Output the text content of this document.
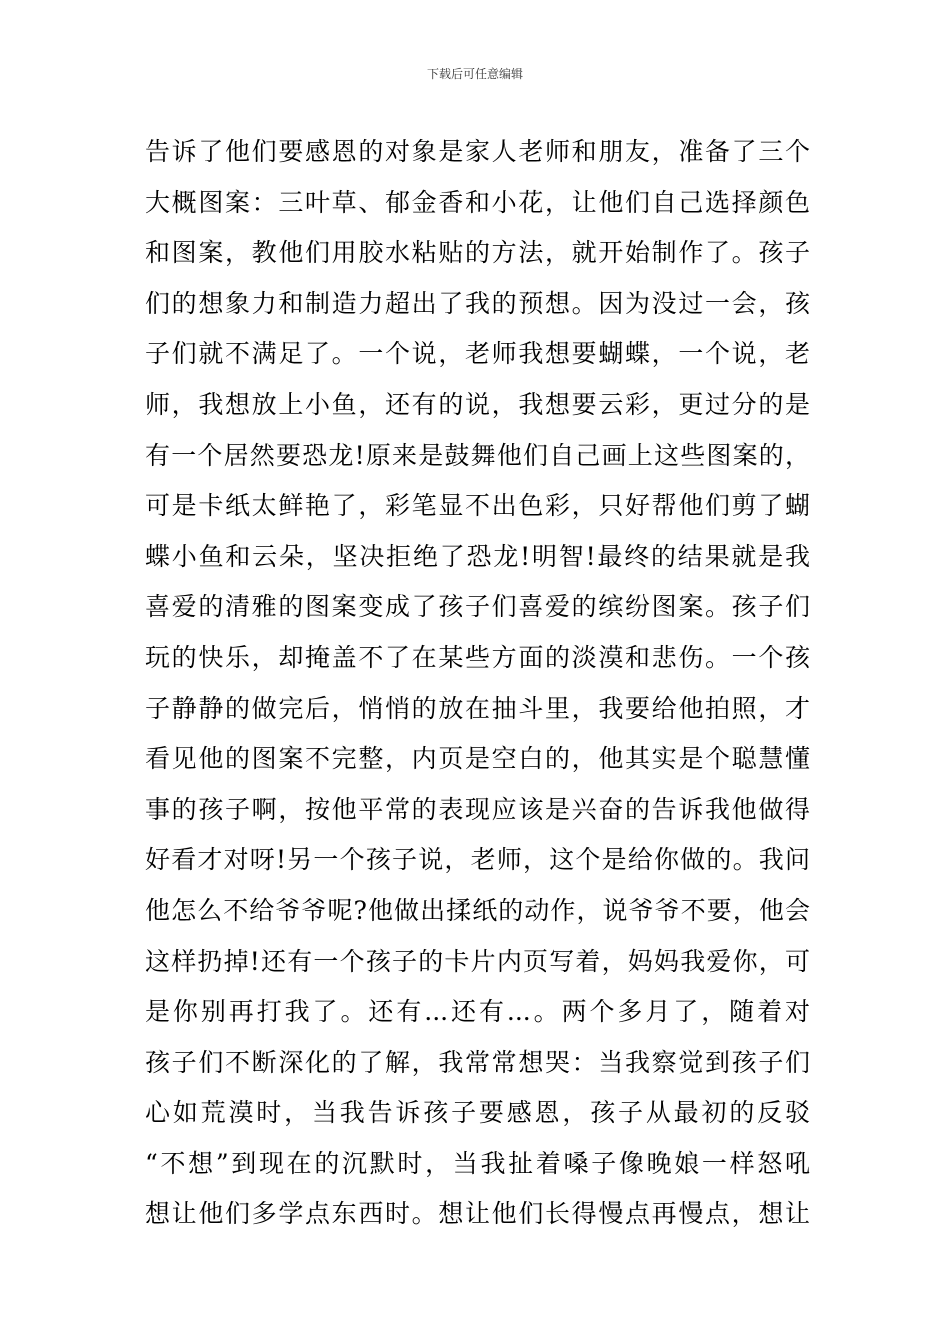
下载后可任意编辑
告诉了他们要感恩的对象是家人老师和朋友，准备了三个
大概图案：三叶草、郁金香和小花，让他们自己选择颜色
和图案，教他们用胶水粘贴的方法，就开始制作了。孩子
们的想象力和制造力超出了我的预想。因为没过一会，孩
子们就不满足了。一个说，老师我想要蝴蝶，一个说，老
师，我想放上小鱼，还有的说，我想要云彩，更过分的是
有一个居然要恐龙!原来是鼓舞他们自己画上这些图案的，
可是卡纸太鲜艳了，彩笔显不出色彩，只好帮他们剪了蝴
蝶小鱼和云朵，坚决拒绝了恐龙!明智!最终的结果就是我
喜爱的清雅的图案变成了孩子们喜爱的缤纷图案。孩子们
玩的快乐，却掩盖不了在某些方面的淡漠和悲伤。一个孩
子静静的做完后，悄悄的放在抽斗里，我要给他拍照，才
看见他的图案不完整，内页是空白的，他其实是个聪慧懂
事的孩子啊，按他平常的表现应该是兴奋的告诉我他做得
好看才对呀!另一个孩子说，老师，这个是给你做的。我问
他怎么不给爷爷呢?他做出揉纸的动作，说爷爷不要，他会
这样扔掉!还有一个孩子的卡片内页写着，妈妈我爱你，可
是你别再打我了。还有...还有...。两个多月了，随着对
孩子们不断深化的了解，我常常想哭：当我察觉到孩子们
心如荒漠时，当我告诉孩子要感恩，孩子从最初的反驳
“不想”到现在的沉默时，当我扯着嗓子像晚娘一样怒吼
想让他们多学点东西时。想让他们长得慢点再慢点，想让
